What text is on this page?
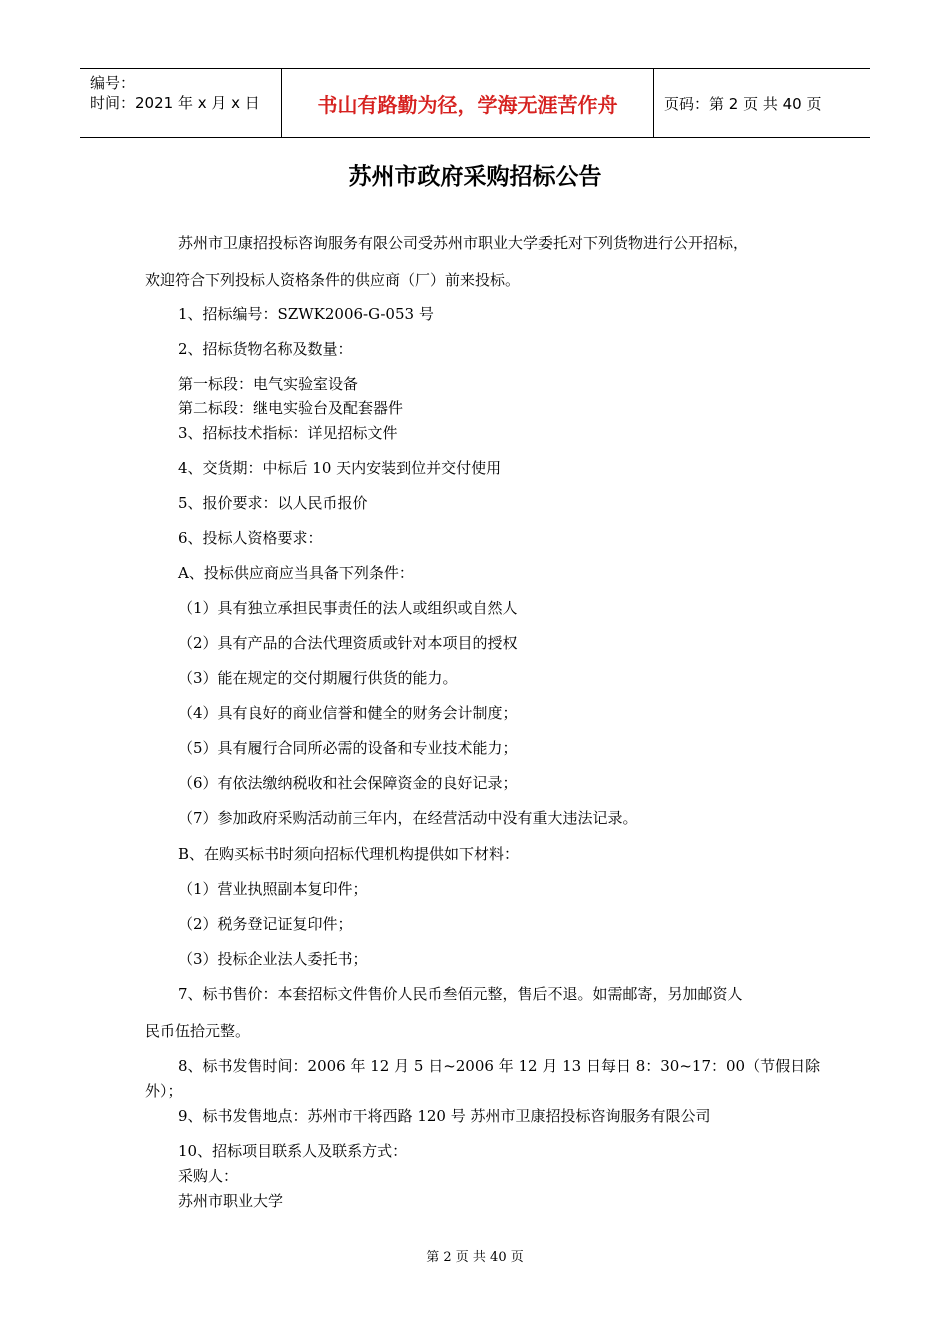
编号：
时间：2021 年 x 月 x 日	书山有路勤为径，学海无涯苦作舟	页码：第 2 页 共 40 页
苏州市政府采购招标公告
苏州市卫康招投标咨询服务有限公司受苏州市职业大学委托对下列货物进行公开招标，
欢迎符合下列投标人资格条件的供应商（厂）前来投标。
1、招标编号：SZWK2006-G-053 号
2、招标货物名称及数量：
第一标段：电气实验室设备
第二标段：继电实验台及配套器件
3、招标技术指标：详见招标文件
4、交货期：中标后 10 天内安装到位并交付使用
5、报价要求：以人民币报价
6、投标人资格要求：
A、投标供应商应当具备下列条件：
（1）具有独立承担民事责任的法人或组织或自然人
（2）具有产品的合法代理资质或针对本项目的授权
（3）能在规定的交付期履行供货的能力。
（4）具有良好的商业信誉和健全的财务会计制度；
（5）具有履行合同所必需的设备和专业技术能力；
（6）有依法缴纳税收和社会保障资金的良好记录；
（7）参加政府采购活动前三年内，在经营活动中没有重大违法记录。
B、在购买标书时须向招标代理机构提供如下材料：
（1）营业执照副本复印件；
（2）税务登记证复印件；
（3）投标企业法人委托书；
7、标书售价：本套招标文件售价人民币叁佰元整，售后不退。如需邮寄，另加邮资人
民币伍拾元整。
8、标书发售时间：2006 年 12 月 5 日~2006 年 12 月 13 日每日 8：30~17：00（节假日除
外）；
9、标书发售地点：苏州市干将西路 120 号 苏州市卫康招投标咨询服务有限公司
10、招标项目联系人及联系方式：
采购人：
苏州市职业大学
第 2 页 共 40 页
